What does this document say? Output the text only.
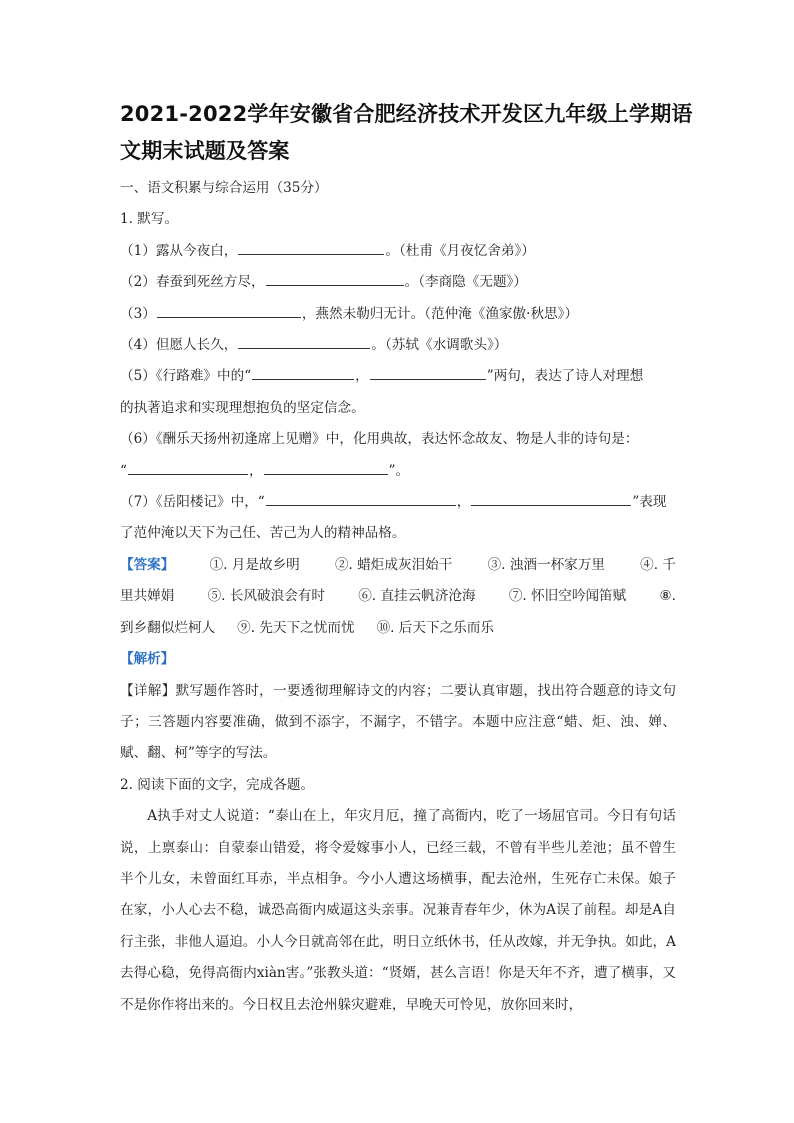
2021-2022学年安徽省合肥经济技术开发区九年级上学期语
文期末试题及答案
一、语文积累与综合运用（35分）
1. 默写。
（1）露从今夜白，	。（杜甫《月夜忆舍弟》）
（2）春蚕到死丝方尽，	。（李商隐《无题》）
（3）	，燕然未勒归无计。（范仲淹《渔家傲·秋思》）
（4）但愿人长久，	。（苏轼《水调歌头》）
（5）《行路难》中的“	，	”两句，表达了诗人对理想
的执著追求和实现理想抱负的坚定信念。
（6）《酬乐天扬州初逢席上见赠》中，化用典故，表达怀念故友、物是人非的诗句是：
“	，	”。
（7）《岳阳楼记》中，“	，	”表现
了范仲淹以天下为己任、苦己为人的精神品格。
【答案】	①. 月是故乡明	②. 蜡炬成灰泪始干	③. 浊酒一杯家万里	④. 千
里共婵娟 ⑤. 长风破浪会有时 ⑥. 直挂云帆济沧海 ⑦. 怀旧空吟闻笛赋 ⑧.
到乡翻似烂柯人 ⑨. 先天下之忧而忧 ⑩. 后天下之乐而乐
【解析】

【详解】默写题作答时，一要透彻理解诗文的内容；二要认真审题，找出符合题意的诗文句子；三答题内容要准确，做到不添字，不漏字，不错字。本题中应注意“蜡、炬、浊、婵、赋、翻、柯”等字的写法。

2. 阅读下面的文字，完成各题。

A执手对丈人说道：“泰山在上，年灾月厄，撞了高衙内，吃了一场屈官司。今日有句话说，上禀泰山：自蒙泰山错爱，将令爱嫁事小人，已经三载，不曾有半些儿差池；虽不曾生半个儿女，未曾面红耳赤，半点相争。今小人遭这场横事，配去沧州，生死存亡未保。娘子在家，小人心去不稳，诚恐高衙内威逼这头亲事。况兼青春年少，休为A误了前程。却是A自行主张，非他人逼迫。小人今日就高邻在此，明日立纸休书，任从改嫁，并无争执。如此，A去得心稳，免得高衙内xiàn害。”张教头道：“贤婿，甚么言语！你是天年不齐，遭了横事，又不是你作将出来的。今日权且去沧州躲灾避难，早晚天可怜见，放你回来时，
